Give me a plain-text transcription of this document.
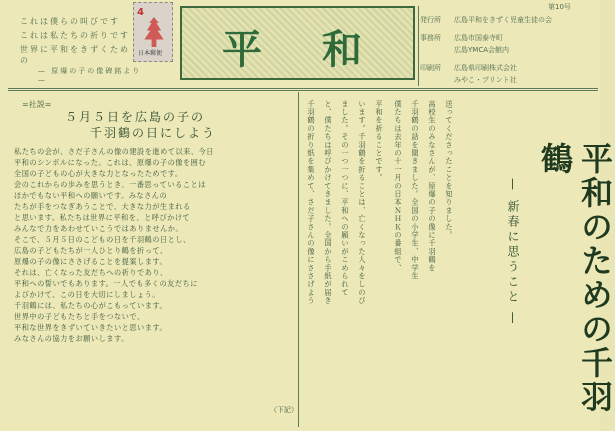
これは僕らの叫びです
これは私たちの祈りです
世界に平和をきずくための
— 原爆の子の像碑銘より —
4
日本郵便 平 和
第10号
発行所	広島平和をきずく児童生徒の会
事務所	広島市国泰寺町
広島YMCA会館内
印刷所	広島県印刷株式会社
みやこ・プリント社
=社説=
５月５日を広島の子の
千羽鶴の日にしよう
私たちの会が、さだ子さんの像の建設を進めて以来、今日
平和のシンボルになった。これは、原爆の子の像を囲む
全国の子どもの心が大きな力となったためです。
会のこれからの歩みを思うとき、一番思っていることは
ほかでもない平和への願いです。みなさんの
たちが手をつなぎあうことで、大きな力が生まれる
と思います。私たちは世界に平和を、と呼びかけて
みんなで力をあわせていこうではありませんか。
そこで、５月５日のこどもの日を千羽鶴の日とし、
広島の子どもたちが一人ひとり鶴を折って、
原爆の子の像にささげることを提案します。
それは、亡くなった友だちへの祈りであり、
平和への誓いでもあります。一人でも多くの友だちに
よびかけて、この日を大切にしましょう。
千羽鶴には、私たちの心がこもっています。
世界中の子どもたちと手をつないで、
平和な世界をきずいていきたいと思います。
みなさんの協力をお願いします。
（下記）
千羽鶴の折り紙を集めて、さだ子さんの像にささげよう と、僕たちは呼びかけてきました。全国から手紙が届き ました。その一つ一つに、平和への願いがこめられて います。千羽鶴を折ることは、亡くなった人々をしのび 平和を祈ることです。 僕たちは去年の十一月の日本ＮＨＫの番組で、 千羽鶴の話を聞きました。全国の小学生、中学生 高校生のみなさんが、原爆の子の像に千羽鶴を 送ってくださったことを知りました。	平和のための千羽鶴
— 新春に思うこと —
